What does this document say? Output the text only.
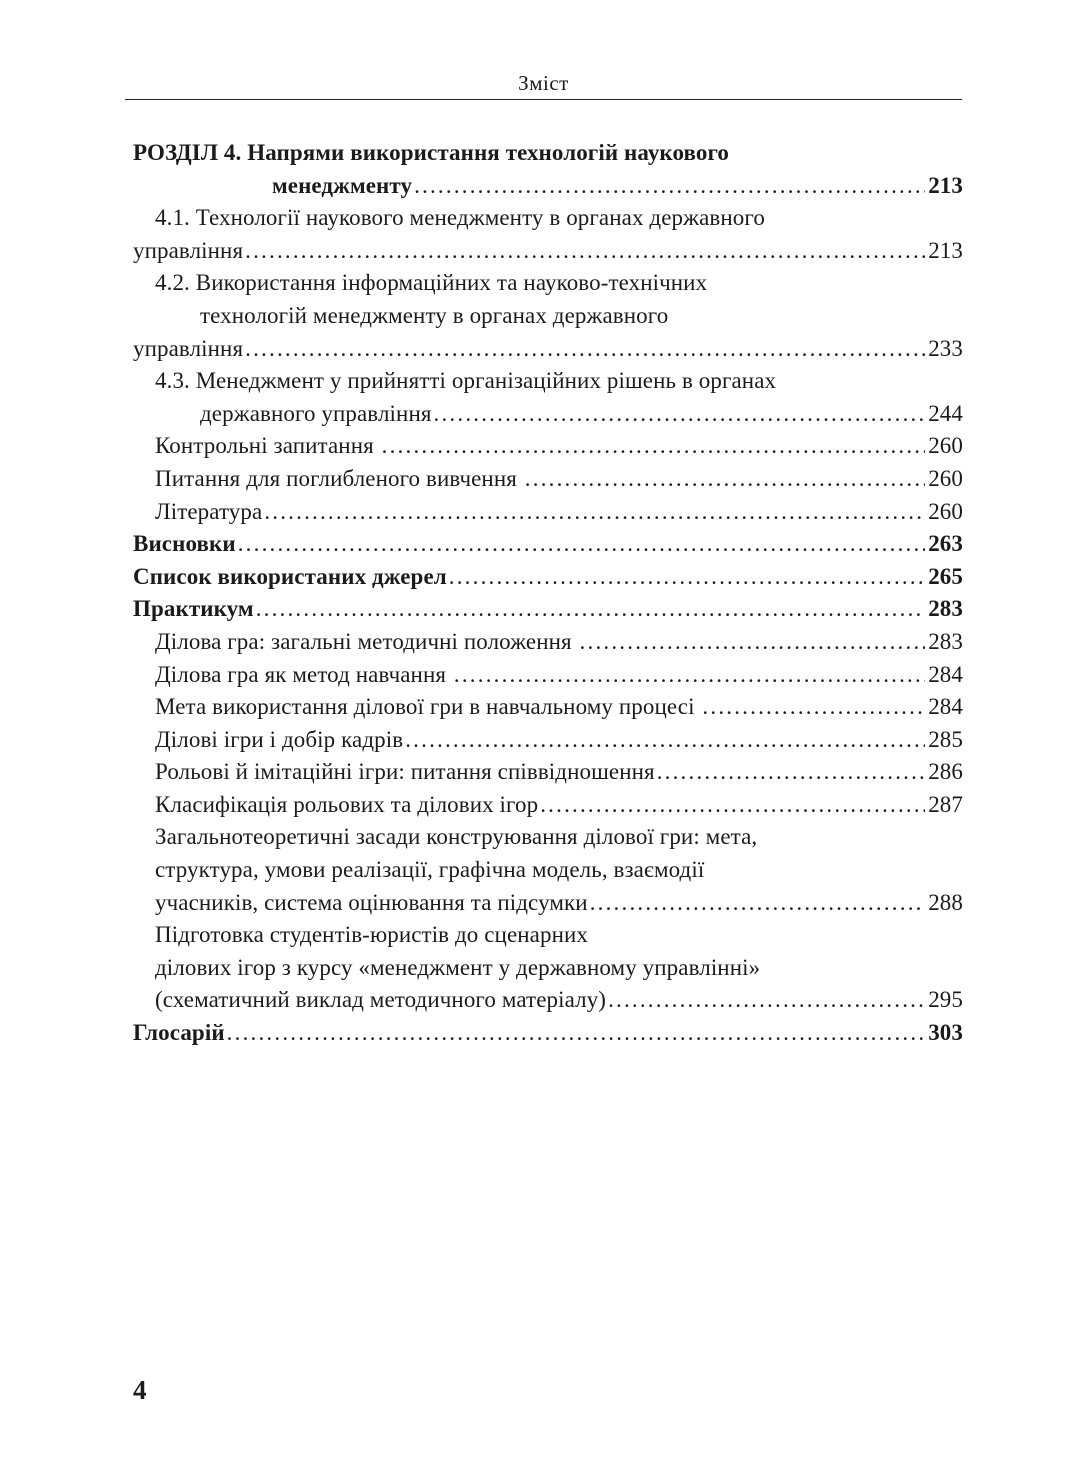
Зміст
РОЗДІЛ 4. Напрями використання технологій наукового
менеджменту .....	213
4.1. Технології наукового менеджменту в органах державного
управління .....	213
4.2. Використання інформаційних та науково-технічних
технологій менеджменту в органах державного
управління .....	233
4.3. Менеджмент у прийнятті організаційних рішень в органах
державного управління .....	244
Контрольні запитання .....	260
Питання для поглибленого вивчення .....	260
Література .....	260
Висновки .....	263
Список використаних джерел .....	265
Практикум .....	283
Ділова гра: загальні методичні положення .....	283
Ділова гра як метод навчання .....	284
Мета використання ділової гри в навчальному процесі .....	284
Ділові ігри і добір кадрів .....	285
Рольові й імітаційні ігри: питання співвідношення .....	286
Класифікація рольових та ділових ігор .....	287
Загальнотеоретичні засади конструювання ділової гри: мета,
структура, умови реалізації, графічна модель, взаємодії
учасників, система оцінювання та підсумки .....	288
Підготовка студентів-юристів до сценарних
ділових ігор з курсу «менеджмент у державному управлінні»
(схематичний виклад методичного матеріалу) .....	295
Глосарій .....	303
4
